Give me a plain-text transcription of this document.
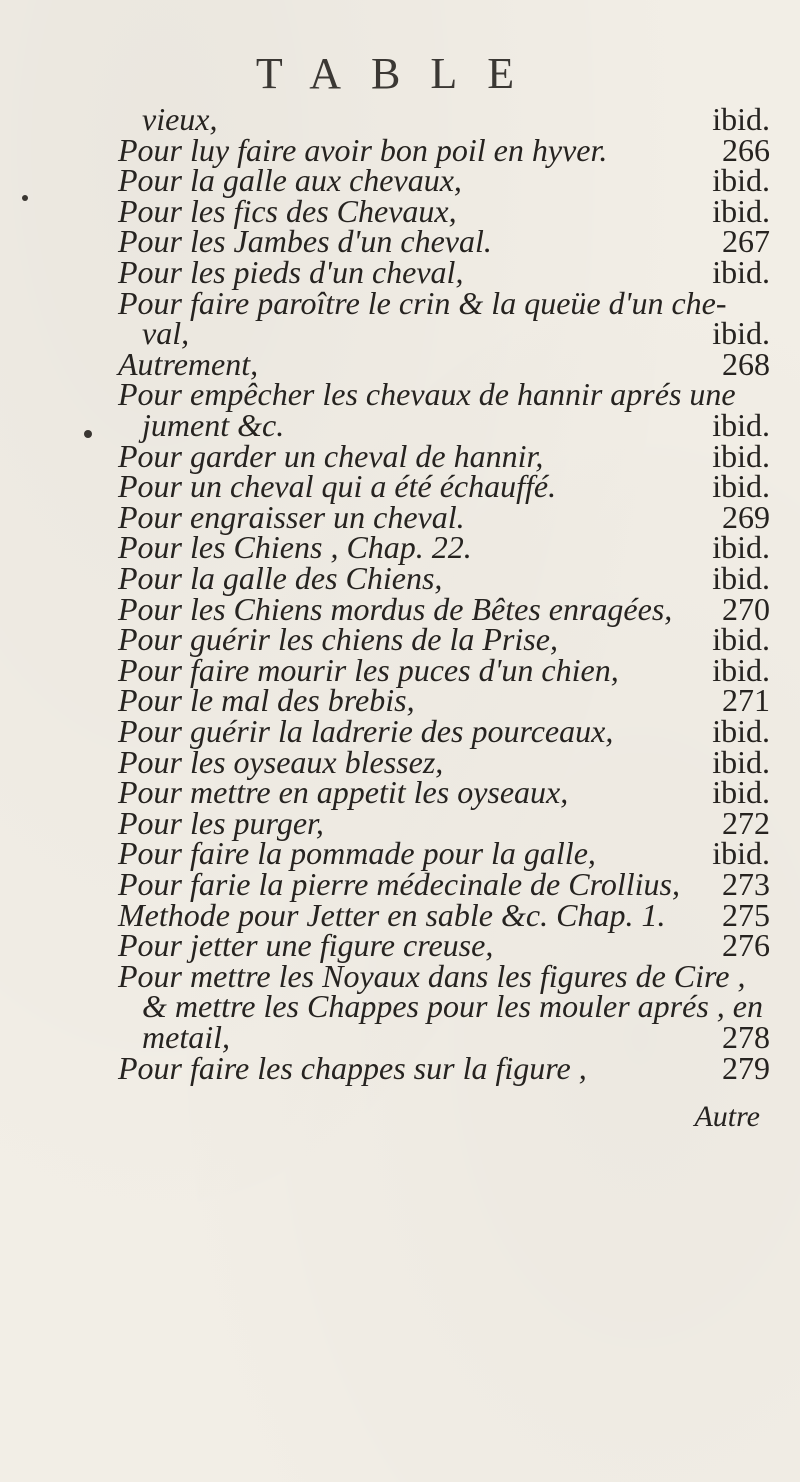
TABLE
vieux,	ibid.
Pour luy faire avoir bon poil en hyver.	266
Pour la galle aux chevaux,	ibid.
Pour les fics des Chevaux,	ibid.
Pour les Jambes d'un cheval.	267
Pour les pieds d'un cheval,	ibid.
Pour faire paroître le crin & la queüe d'un che-
val,	ibid.
Autrement,	268
Pour empêcher les chevaux de hannir aprés une
jument &c.	ibid.
Pour garder un cheval de hannir,	ibid.
Pour un cheval qui a été échauffé.	ibid.
Pour engraisser un cheval.	269
Pour les Chiens , Chap. 22.	ibid.
Pour la galle des Chiens,	ibid.
Pour les Chiens mordus de Bêtes enragées, 270
Pour guérir les chiens de la Prise,	ibid.
Pour faire mourir les puces d'un chien,	ibid.
Pour le mal des brebis,	271
Pour guérir la ladrerie des pourceaux,	ibid.
Pour les oyseaux blessez,	ibid.
Pour mettre en appetit les oyseaux,	ibid.
Pour les purger,	272
Pour faire la pommade pour la galle,	ibid.
Pour farie la pierre médecinale de Crollius, 273
Methode pour Jetter en sable &c. Chap. 1. 275
Pour jetter une figure creuse,	276
Pour mettre les Noyaux dans les figures de Cire ,
& mettre les Chappes pour les mouler aprés , en
metail,	278
Pour faire les chappes sur la figure ,	279
Autre
